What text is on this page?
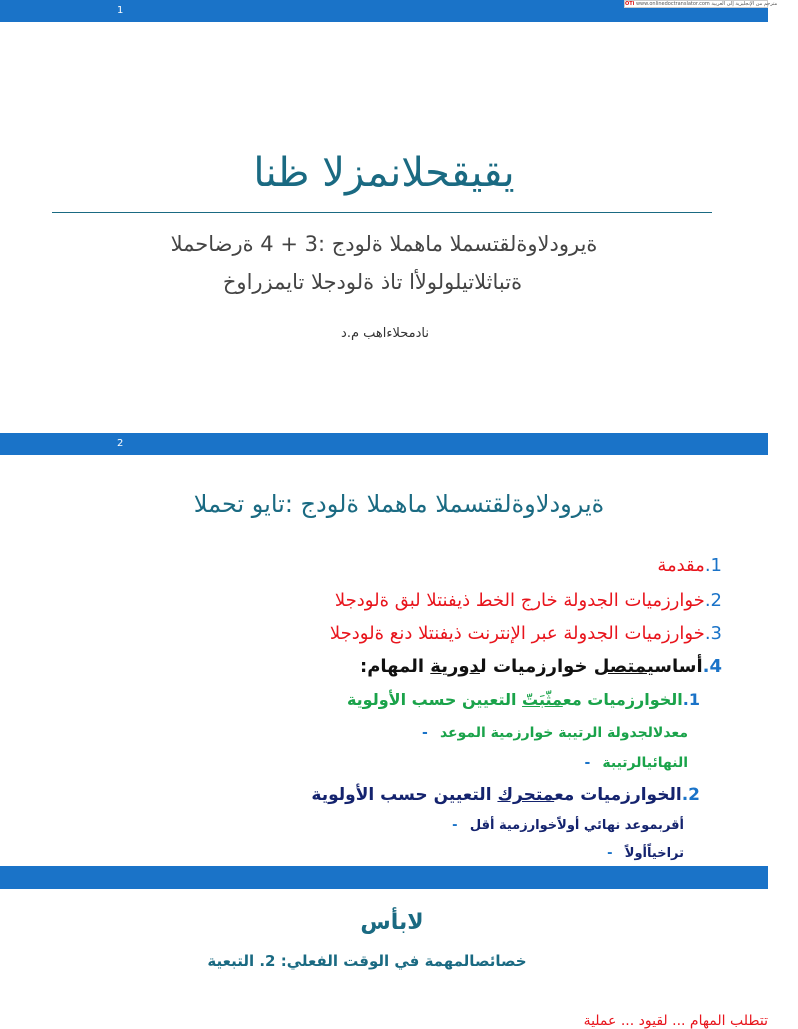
1
OTi www.onlinedoctranslator.com مترجم من الإنجليزية إلى العربية
يقيقحلانمزلا ظنا
ةيرودلاوةلقتسملا ماهملا ةلودج :3 + 4 ةرضاحملا
ةتباثلاتيلولولأا تاذ ةلودجلا تايمزراوخ
نادمحلاءاهب م.د
2
ةيرودلاوةلقتسملا ماهملا ةلودج :تايو تحملا
1.مقدمة
2.خوارزميات الجدولة خارج الخط ذيفنتلا لبق ةلودجلا
3.خوارزميات الجدولة عبر الإنترنت ذيفنتلا دنع ةلودجلا
4.أساسيمتصل خوارزميات لدورية المهام:
1.الخوارزميات معمثّبَتّ التعيين حسب الأولوية
معدلالجدولة الرتيبة خوارزمية الموعد-
النهائيالرتيبة-
2.الخوارزميات معمتحرك التعيين حسب الأولوية
أقربموعد نهائي أولاًخوارزمية أقل-
تراخياًأولاً-
لابأس
خصائصالمهمة في الوقت الفعلي: 2. التبعية
تتطلب المهام ... لقيود ... عملية
